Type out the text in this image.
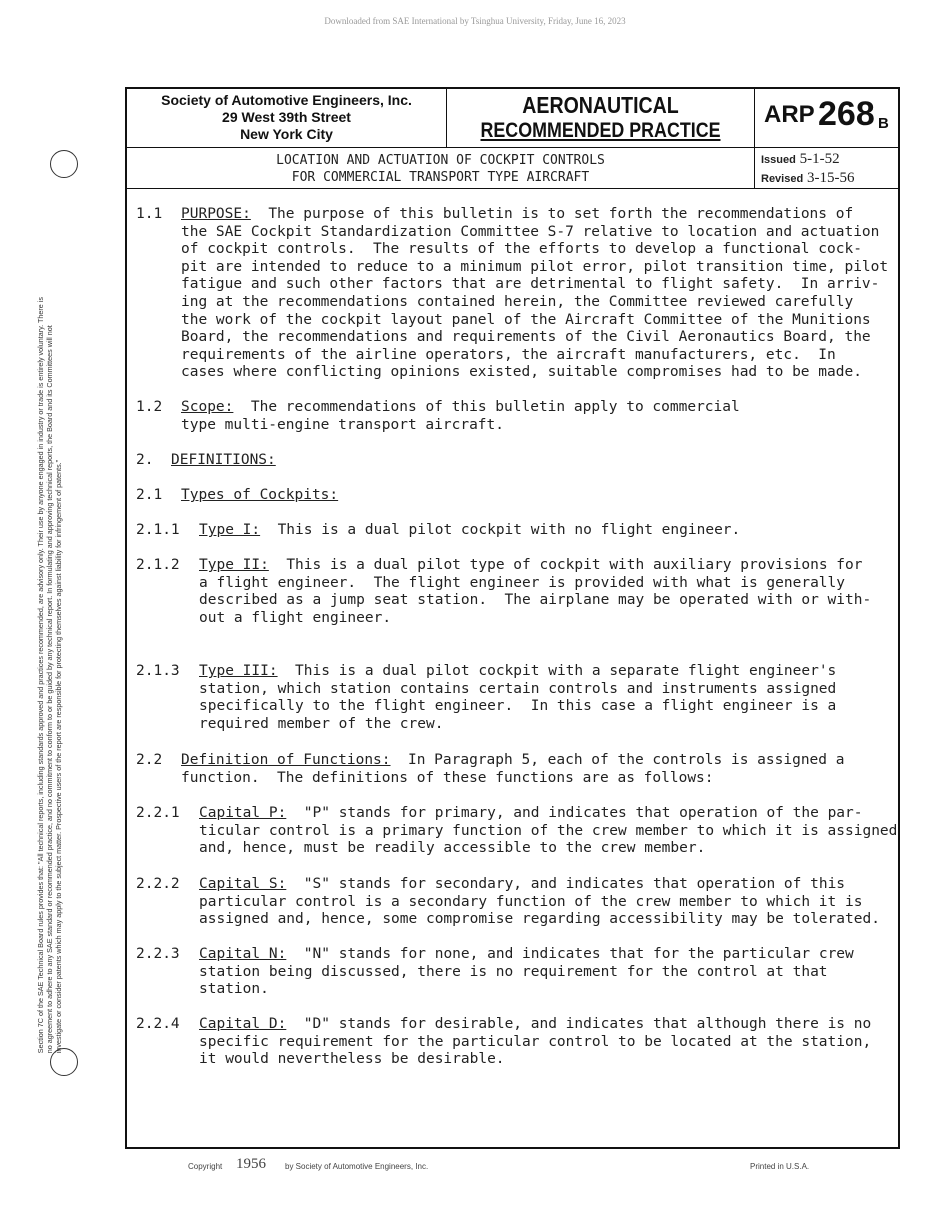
Downloaded from SAE International by Tsinghua University, Friday, June 16, 2023
Section 7C of the SAE Technical Board rules provides that: "All technical reports, including standards approved and practices recommended, are advisory only. Their use by anyone engaged in industry or trade is entirely voluntary. There is no agreement to adhere to any SAE standard or recommended practice, and no commitment to conform to or be guided by any technical report. In formulating and approving technical reports, the Board and its Committees will not investigate or consider patents which may apply to the subject matter. Prospective users of the report are responsible for protecting themselves against liability for infringement of patents."
Society of Automotive Engineers, Inc.
29 West 39th Street
New York City
AERONAUTICAL
RECOMMENDED PRACTICE
ARP 268 B
LOCATION AND ACTUATION OF COCKPIT CONTROLS
FOR COMMERCIAL TRANSPORT TYPE AIRCRAFT
Issued 5-1-52
Revised 3-15-56
1.1 PURPOSE: The purpose of this bulletin is to set forth the recommendations of
the SAE Cockpit Standardization Committee S-7 relative to location and actuation
of cockpit controls.  The results of the efforts to develop a functional cock-
pit are intended to reduce to a minimum pilot error, pilot transition time, pilot
fatigue and such other factors that are detrimental to flight safety.  In arriv-
ing at the recommendations contained herein, the Committee reviewed carefully
the work of the cockpit layout panel of the Aircraft Committee of the Munitions
Board, the recommendations and requirements of the Civil Aeronautics Board, the
requirements of the airline operators, the aircraft manufacturers, etc.  In
cases where conflicting opinions existed, suitable compromises had to be made.
1.2 Scope: The recommendations of this bulletin apply to commercial
type multi-engine transport aircraft.
2. DEFINITIONS:
2.1 Types of Cockpits:
2.1.1 Type I: This is a dual pilot cockpit with no flight engineer.
2.1.2 Type II: This is a dual pilot type of cockpit with auxiliary provisions for
a flight engineer.  The flight engineer is provided with what is generally
described as a jump seat station.  The airplane may be operated with or with-
out a flight engineer.
2.1.3 Type III: This is a dual pilot cockpit with a separate flight engineer's
station, which station contains certain controls and instruments assigned
specifically to the flight engineer.  In this case a flight engineer is a
required member of the crew.
2.2 Definition of Functions: In Paragraph 5, each of the controls is assigned a
function.  The definitions of these functions are as follows:
2.2.1 Capital P: "P" stands for primary, and indicates that operation of the par-
ticular control is a primary function of the crew member to which it is assigned
and, hence, must be readily accessible to the crew member.
2.2.2 Capital S: "S" stands for secondary, and indicates that operation of this
particular control is a secondary function of the crew member to which it is
assigned and, hence, some compromise regarding accessibility may be tolerated.
2.2.3 Capital N: "N" stands for none, and indicates that for the particular crew
station being discussed, there is no requirement for the control at that
station.
2.2.4 Capital D: "D" stands for desirable, and indicates that although there is no
specific requirement for the particular control to be located at the station,
it would nevertheless be desirable.
Copyright 1956 by Society of Automotive Engineers, Inc.	Printed in U.S.A.
